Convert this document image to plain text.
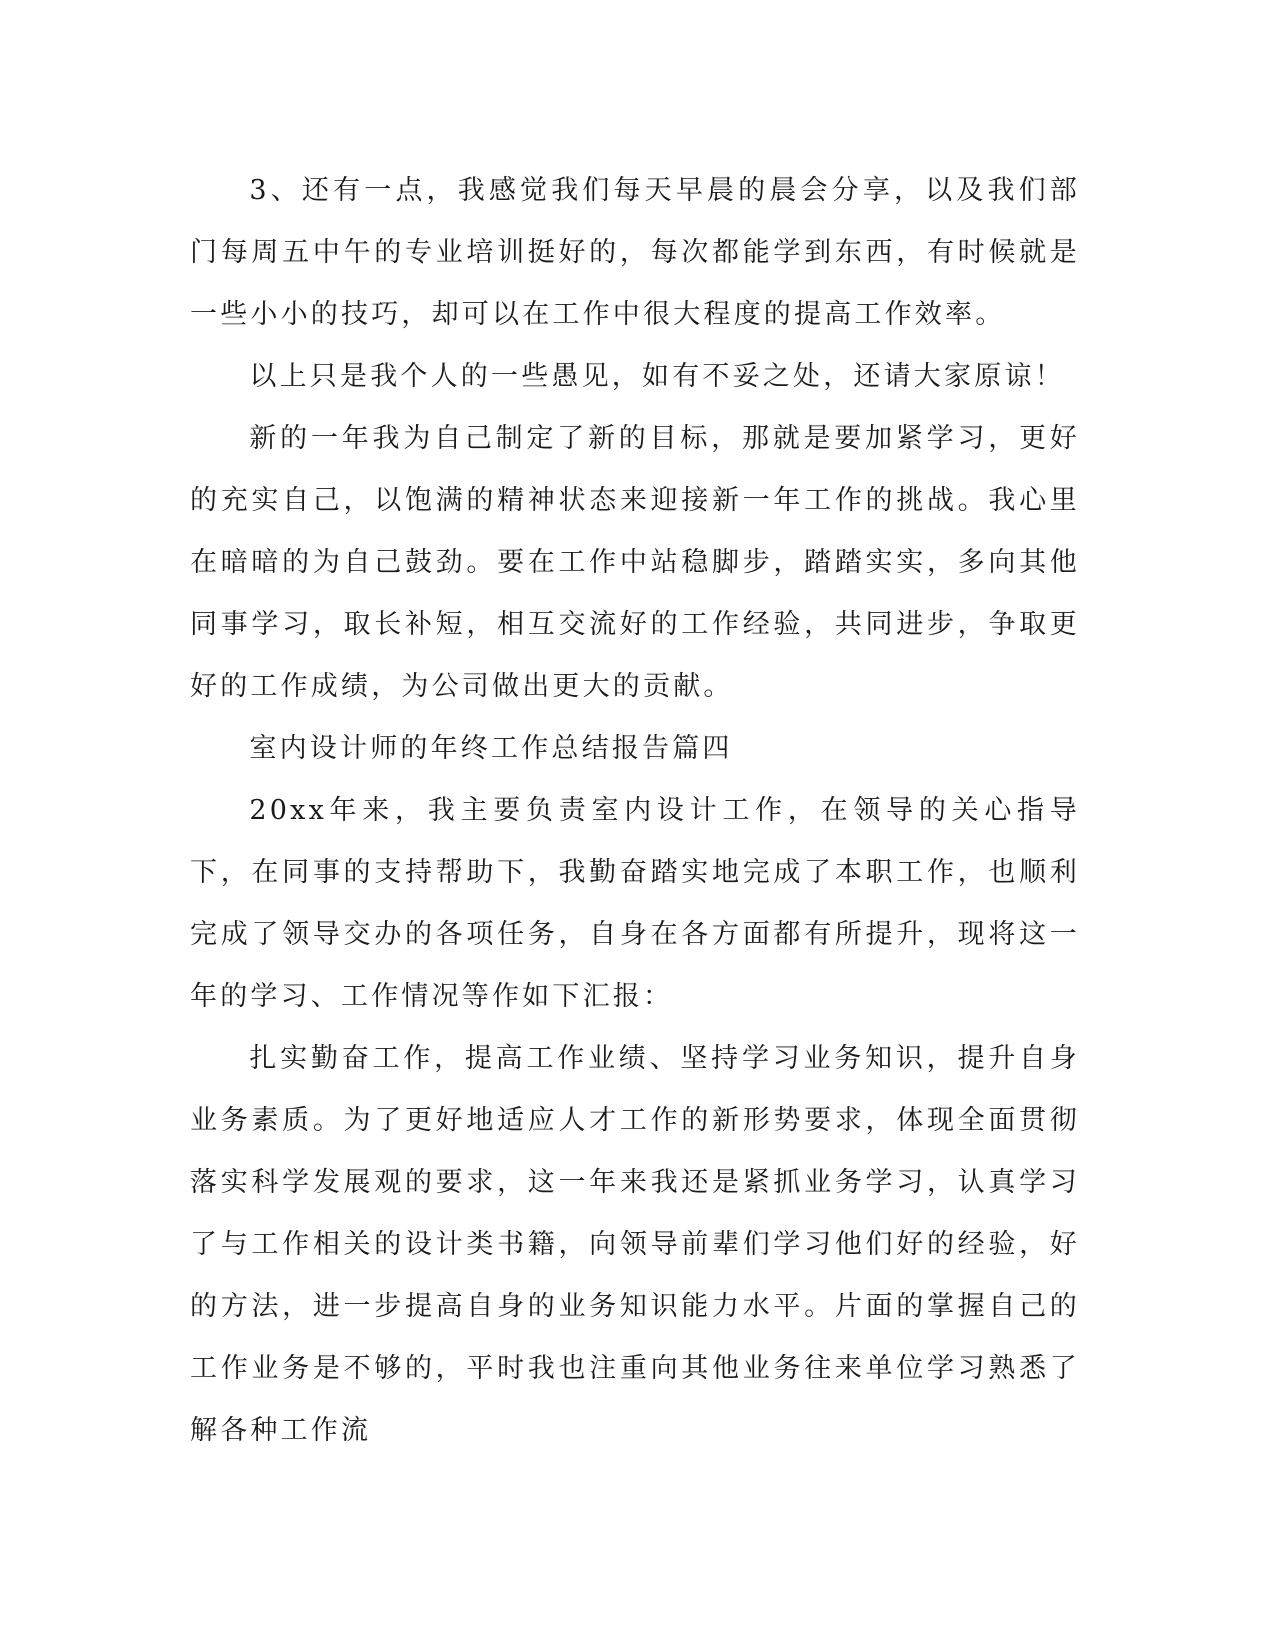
3、还有一点，我感觉我们每天早晨的晨会分享，以及我们部门每周五中午的专业培训挺好的，每次都能学到东西，有时候就是一些小小的技巧，却可以在工作中很大程度的提高工作效率。

以上只是我个人的一些愚见，如有不妥之处，还请大家原谅！

新的一年我为自己制定了新的目标，那就是要加紧学习，更好的充实自己，以饱满的精神状态来迎接新一年工作的挑战。我心里在暗暗的为自己鼓劲。要在工作中站稳脚步，踏踏实实，多向其他同事学习，取长补短，相互交流好的工作经验，共同进步，争取更好的工作成绩，为公司做出更大的贡献。

室内设计师的年终工作总结报告篇四

20xx年来，我主要负责室内设计工作，在领导的关心指导下，在同事的支持帮助下，我勤奋踏实地完成了本职工作，也顺利完成了领导交办的各项任务，自身在各方面都有所提升，现将这一年的学习、工作情况等作如下汇报：

扎实勤奋工作，提高工作业绩、坚持学习业务知识，提升自身业务素质。为了更好地适应人才工作的新形势要求，体现全面贯彻落实科学发展观的要求，这一年来我还是紧抓业务学习，认真学习了与工作相关的设计类书籍，向领导前辈们学习他们好的经验，好的方法，进一步提高自身的业务知识能力水平。片面的掌握自己的工作业务是不够的，平时我也注重向其他业务往来单位学习熟悉了解各种工作流
